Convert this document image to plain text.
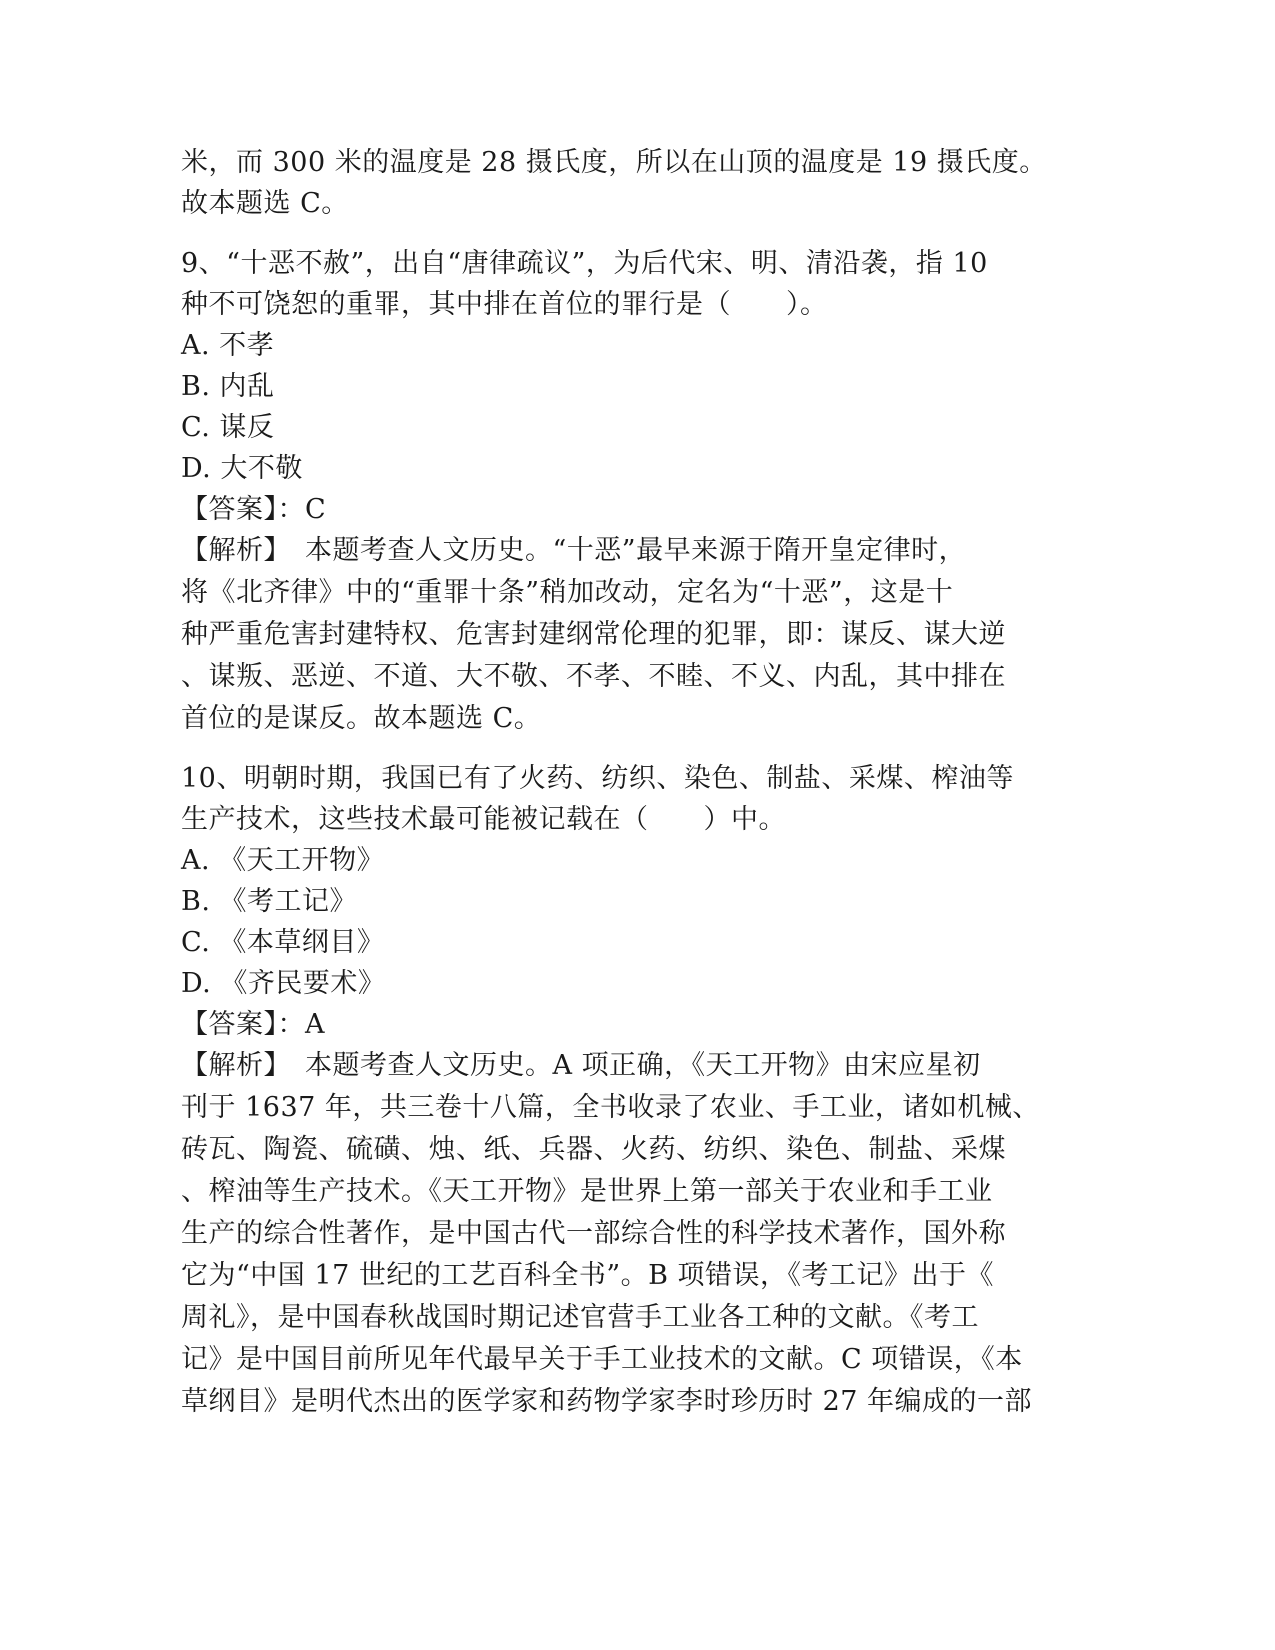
米，而 300 米的温度是 28 摄氏度，所以在山顶的温度是 19 摄氏度。
故本题选 C。
9、“十恶不赦”，出自“唐律疏议”，为后代宋、明、清沿袭，指 10
种不可饶恕的重罪，其中排在首位的罪行是（　　）。
A. 不孝
B. 内乱
C. 谋反
D. 大不敬
【答案】：C
【解析】　本题考查人文历史。“十恶”最早来源于隋开皇定律时，
将《北齐律》中的“重罪十条”稍加改动，定名为“十恶”，这是十
种严重危害封建特权、危害封建纲常伦理的犯罪，即：谋反、谋大逆
、谋叛、恶逆、不道、大不敬、不孝、不睦、不义、内乱，其中排在
首位的是谋反。故本题选 C。
10、明朝时期，我国已有了火药、纺织、染色、制盐、采煤、榨油等
生产技术，这些技术最可能被记载在（　　）中。
A. 《天工开物》
B. 《考工记》
C. 《本草纲目》
D. 《齐民要术》
【答案】：A
【解析】　本题考查人文历史。A 项正确，《天工开物》由宋应星初
刊于 1637 年，共三卷十八篇，全书收录了农业、手工业，诸如机械、
砖瓦、陶瓷、硫磺、烛、纸、兵器、火药、纺织、染色、制盐、采煤
、榨油等生产技术。《天工开物》是世界上第一部关于农业和手工业
生产的综合性著作，是中国古代一部综合性的科学技术著作，国外称
它为“中国 17 世纪的工艺百科全书”。B 项错误，《考工记》出于《
周礼》，是中国春秋战国时期记述官营手工业各工种的文献。《考工
记》是中国目前所见年代最早关于手工业技术的文献。C 项错误，《本
草纲目》是明代杰出的医学家和药物学家李时珍历时 27 年编成的一部
